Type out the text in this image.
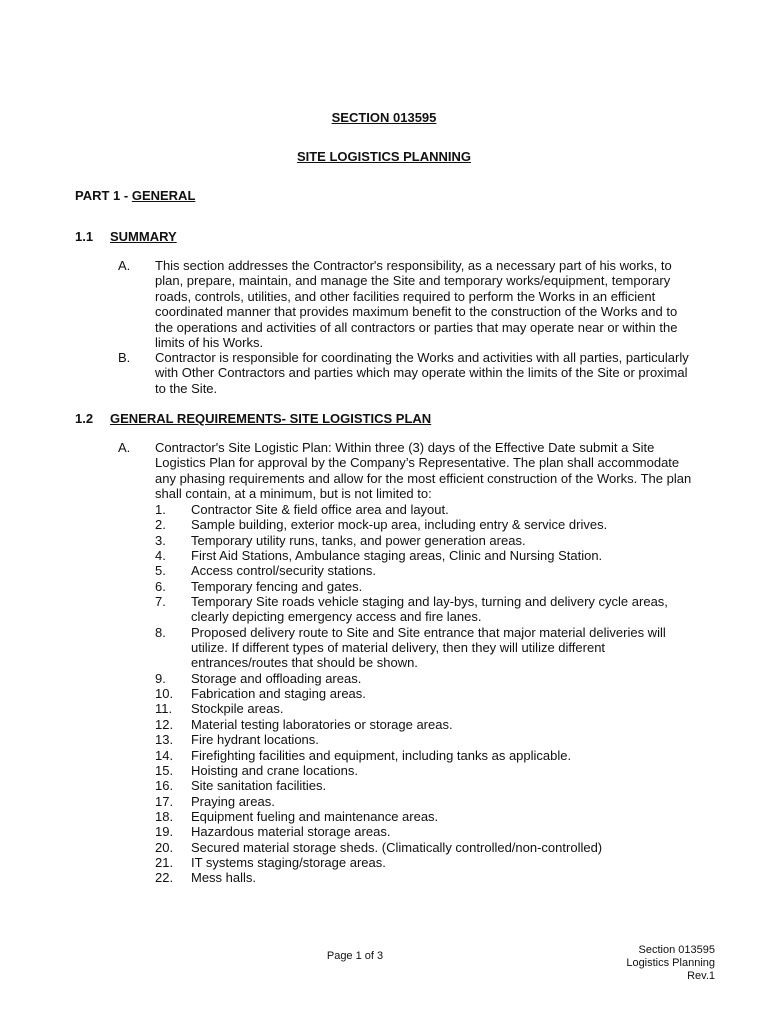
SECTION 013595
SITE LOGISTICS PLANNING
PART 1 - GENERAL
1.1	SUMMARY
A.	This section addresses the Contractor's responsibility, as a necessary part of his works, to plan, prepare, maintain, and manage the Site and temporary works/equipment, temporary roads, controls, utilities, and other facilities required to perform the Works in an efficient coordinated manner that provides maximum benefit to the construction of the Works and to the operations and activities of all contractors or parties that may operate near or within the limits of his Works.
B.	Contractor is responsible for coordinating the Works and activities with all parties, particularly with Other Contractors and parties which may operate within the limits of the Site or proximal to the Site.
1.2	GENERAL REQUIREMENTS- SITE LOGISTICS PLAN
A.	Contractor's Site Logistic Plan: Within three (3) days of the Effective Date submit a Site Logistics Plan for approval by the Company’s Representative. The plan shall accommodate any phasing requirements and allow for the most efficient construction of the Works. The plan shall contain, at a minimum, but is not limited to:
1.	Contractor Site & field office area and layout.
2.	Sample building, exterior mock-up area, including entry & service drives.
3.	Temporary utility runs, tanks, and power generation areas.
4.	First Aid Stations, Ambulance staging areas, Clinic and Nursing Station.
5.	Access control/security stations.
6.	Temporary fencing and gates.
7.	Temporary Site roads vehicle staging and lay-bys, turning and delivery cycle areas, clearly depicting emergency access and fire lanes.
8.	Proposed delivery route to Site and Site entrance that major material deliveries will utilize. If different types of material delivery, then they will utilize different entrances/routes that should be shown.
9.	Storage and offloading areas.
10.	Fabrication and staging areas.
11.	Stockpile areas.
12.	Material testing laboratories or storage areas.
13.	Fire hydrant locations.
14.	Firefighting facilities and equipment, including tanks as applicable.
15.	Hoisting and crane locations.
16.	Site sanitation facilities.
17.	Praying areas.
18.	Equipment fueling and maintenance areas.
19.	Hazardous material storage areas.
20.	Secured material storage sheds. (Climatically controlled/non-controlled)
21.	IT systems staging/storage areas.
22.	Mess halls.
Page 1 of 3	Section 013595
Logistics Planning
Rev.1
